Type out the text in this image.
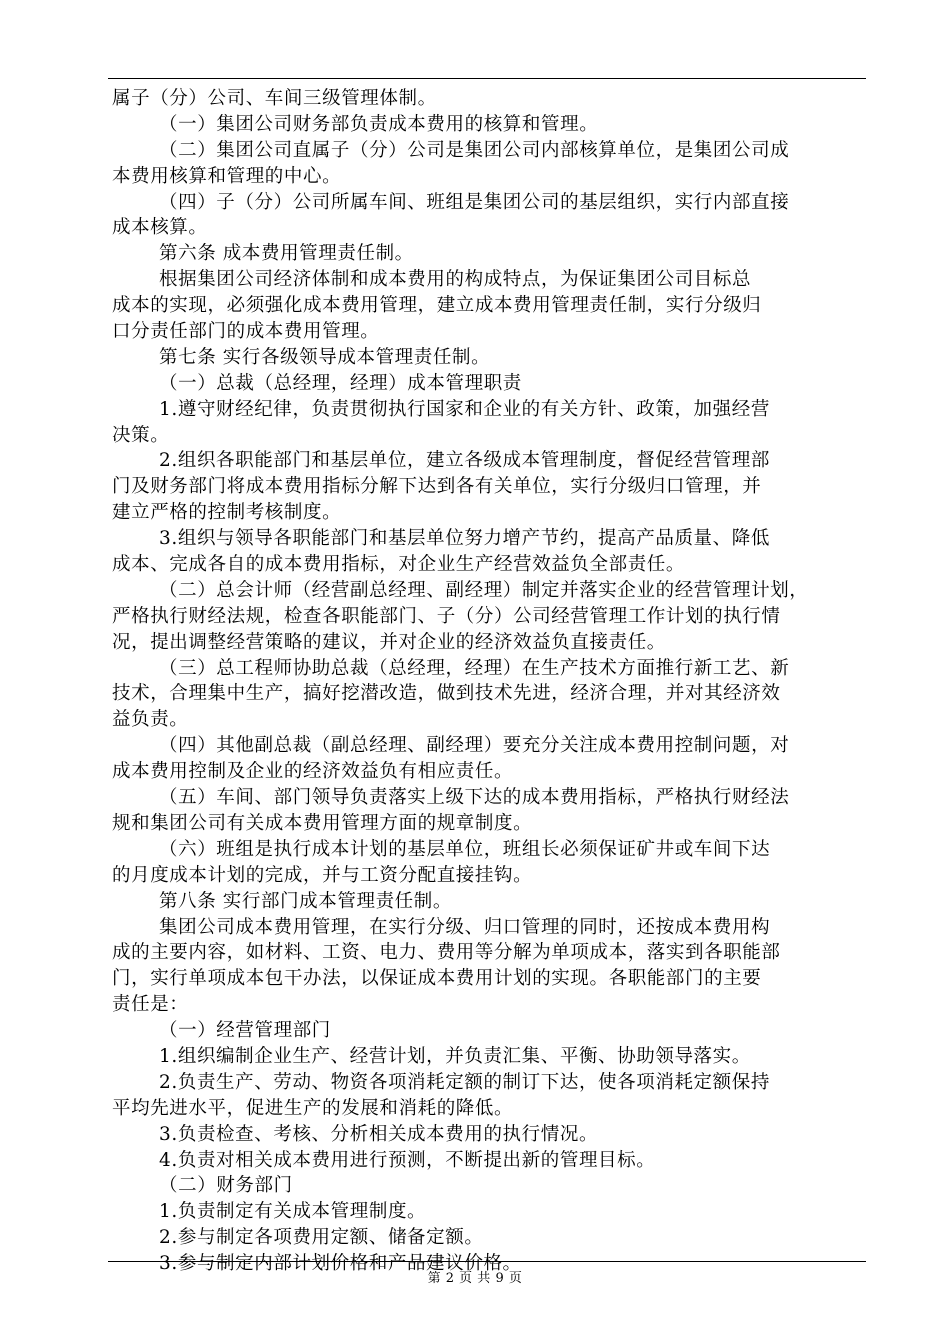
属子（分）公司、车间三级管理体制。
（一）集团公司财务部负责成本费用的核算和管理。
（二）集团公司直属子（分）公司是集团公司内部核算单位，是集团公司成
本费用核算和管理的中心。
（四）子（分）公司所属车间、班组是集团公司的基层组织，实行内部直接
成本核算。
第六条 成本费用管理责任制。
根据集团公司经济体制和成本费用的构成特点，为保证集团公司目标总
成本的实现，必须强化成本费用管理，建立成本费用管理责任制，实行分级归
口分责任部门的成本费用管理。
第七条 实行各级领导成本管理责任制。
（一）总裁（总经理，经理）成本管理职责
1.遵守财经纪律，负责贯彻执行国家和企业的有关方针、政策，加强经营
决策。
2.组织各职能部门和基层单位，建立各级成本管理制度，督促经营管理部
门及财务部门将成本费用指标分解下达到各有关单位，实行分级归口管理，并
建立严格的控制考核制度。
3.组织与领导各职能部门和基层单位努力增产节约，提高产品质量、降低
成本、完成各自的成本费用指标，对企业生产经营效益负全部责任。
（二）总会计师（经营副总经理、副经理）制定并落实企业的经营管理计划，
严格执行财经法规，检查各职能部门、子（分）公司经营管理工作计划的执行情
况，提出调整经营策略的建议，并对企业的经济效益负直接责任。
（三）总工程师协助总裁（总经理，经理）在生产技术方面推行新工艺、新
技术，合理集中生产，搞好挖潜改造，做到技术先进，经济合理，并对其经济效
益负责。
（四）其他副总裁（副总经理、副经理）要充分关注成本费用控制问题，对
成本费用控制及企业的经济效益负有相应责任。
（五）车间、部门领导负责落实上级下达的成本费用指标，严格执行财经法
规和集团公司有关成本费用管理方面的规章制度。
（六）班组是执行成本计划的基层单位，班组长必须保证矿井或车间下达
的月度成本计划的完成，并与工资分配直接挂钩。
第八条 实行部门成本管理责任制。
集团公司成本费用管理，在实行分级、归口管理的同时，还按成本费用构
成的主要内容，如材料、工资、电力、费用等分解为单项成本，落实到各职能部
门，实行单项成本包干办法，以保证成本费用计划的实现。各职能部门的主要
责任是：
（一）经营管理部门
1.组织编制企业生产、经营计划，并负责汇集、平衡、协助领导落实。
2.负责生产、劳动、物资各项消耗定额的制订下达，使各项消耗定额保持
平均先进水平，促进生产的发展和消耗的降低。
3.负责检查、考核、分析相关成本费用的执行情况。
4.负责对相关成本费用进行预测，不断提出新的管理目标。
（二）财务部门
1.负责制定有关成本管理制度。
2.参与制定各项费用定额、储备定额。
3.参与制定内部计划价格和产品建议价格。
第 2 页 共 9 页
